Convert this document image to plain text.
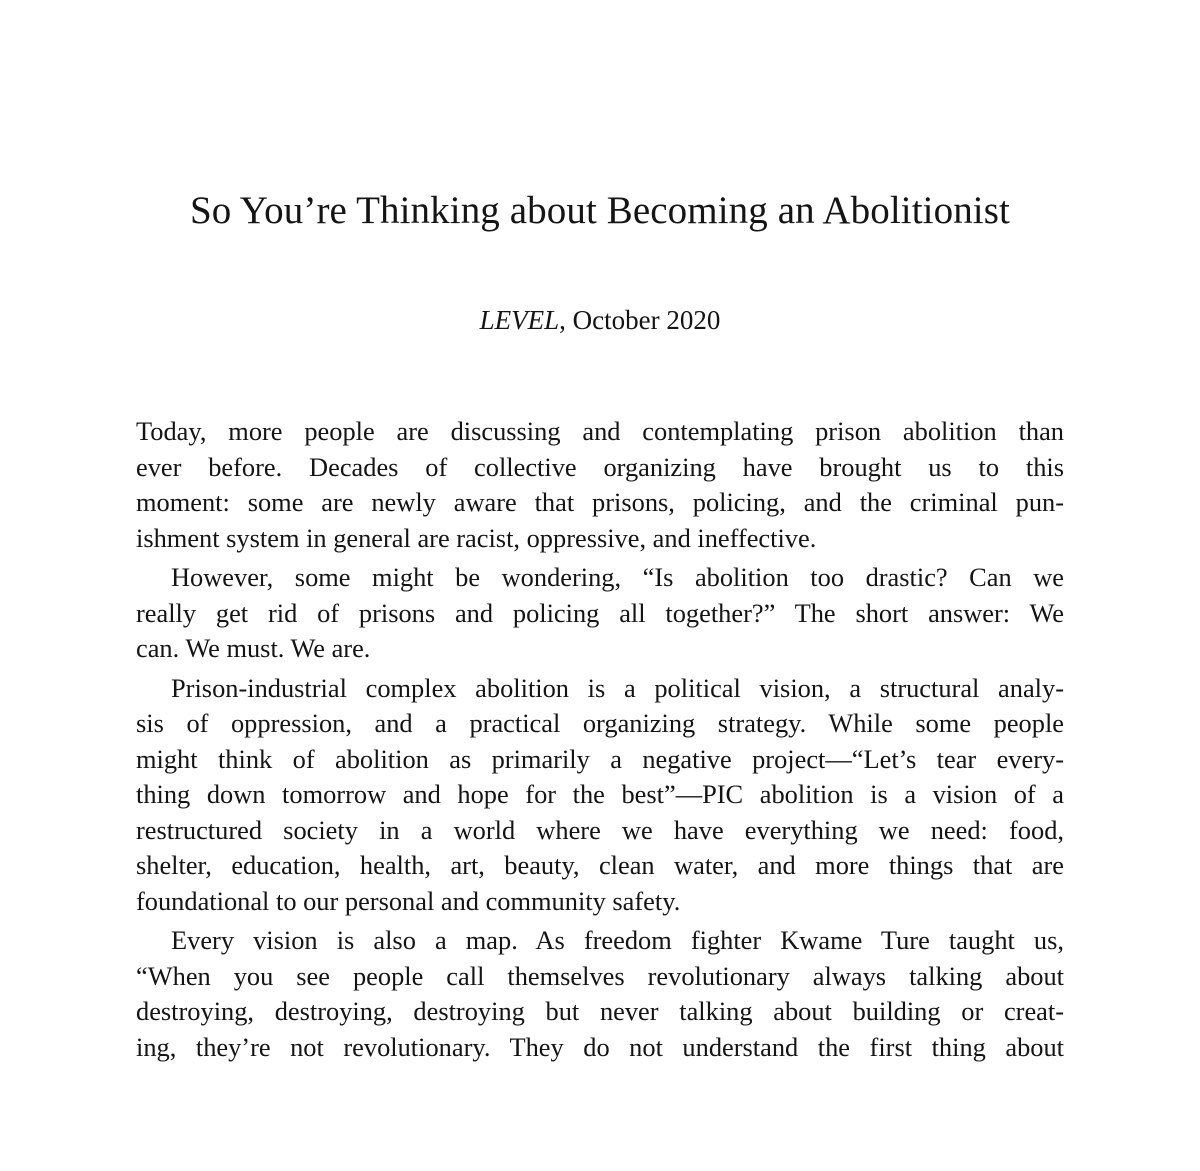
So You’re Thinking about Becoming an Abolitionist

LEVEL, October 2020

Today, more people are discussing and contemplating prison abolition than
ever before. Decades of collective organizing have brought us to this
moment: some are newly aware that prisons, policing, and the criminal pun-
ishment system in general are racist, oppressive, and ineffective.
However, some might be wondering, “Is abolition too drastic? Can we
really get rid of prisons and policing all together?” The short answer: We
can. We must. We are.
Prison-industrial complex abolition is a political vision, a structural analy-
sis of oppression, and a practical organizing strategy. While some people
might think of abolition as primarily a negative project—“Let’s tear every-
thing down tomorrow and hope for the best”—PIC abolition is a vision of a
restructured society in a world where we have everything we need: food,
shelter, education, health, art, beauty, clean water, and more things that are
foundational to our personal and community safety.
Every vision is also a map. As freedom fighter Kwame Ture taught us,
“When you see people call themselves revolutionary always talking about
destroying, destroying, destroying but never talking about building or creat-
ing, they’re not revolutionary. They do not understand the first thing about
